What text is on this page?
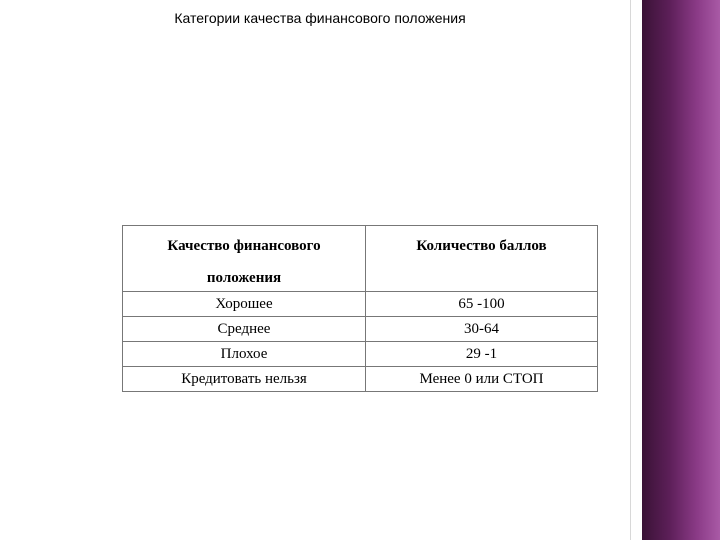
Категории качества финансового положения
Качество финансового
положения	Количество баллов

Хорошее	65 -100
Среднее	30-64
Плохое	29 -1
Кредитовать нельзя	Менее 0 или СТОП
